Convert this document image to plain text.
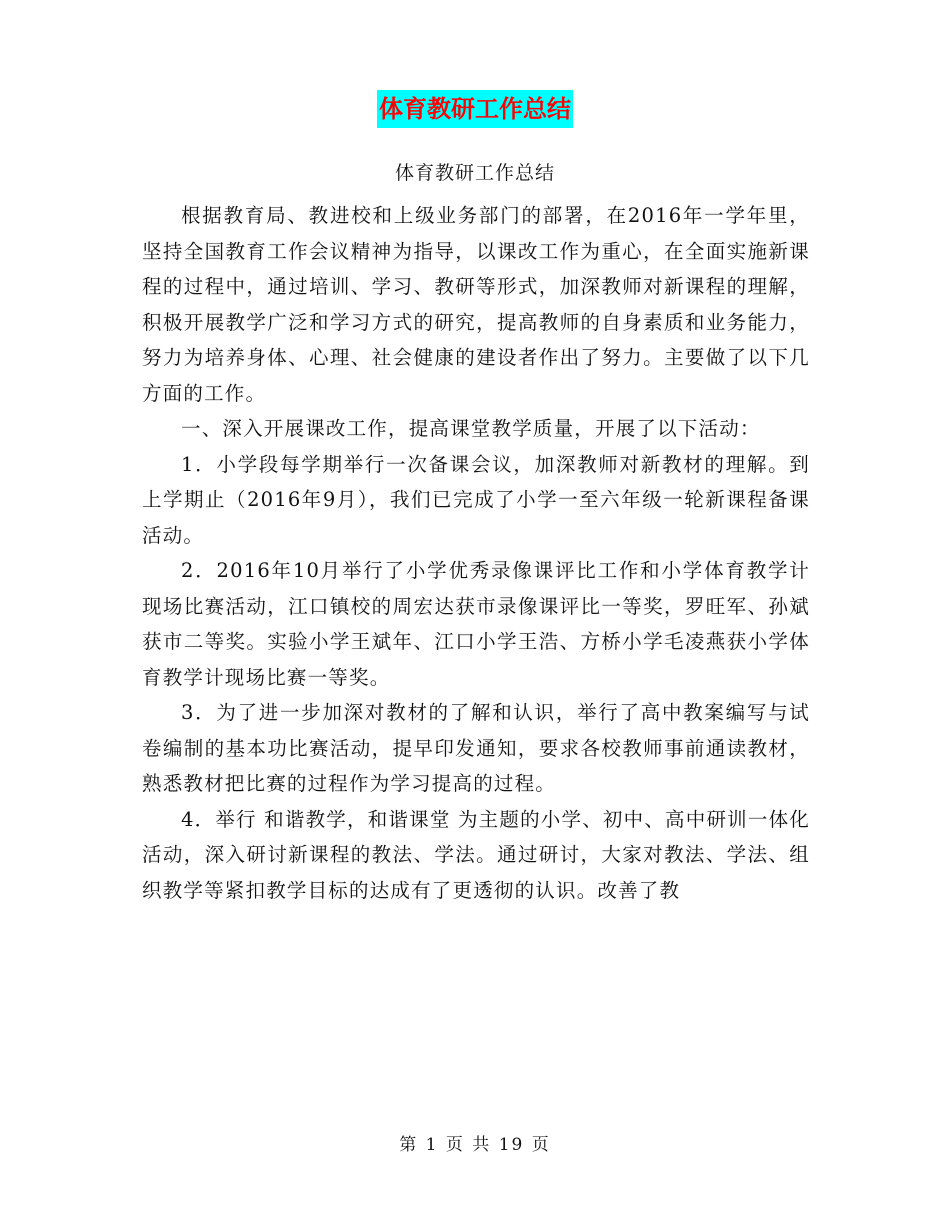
体育教研工作总结
体育教研工作总结

根据教育局、教进校和上级业务部门的部署，在2016年一学年里，坚持全国教育工作会议精神为指导，以课改工作为重心，在全面实施新课程的过程中，通过培训、学习、教研等形式，加深教师对新课程的理解，积极开展教学广泛和学习方式的研究，提高教师的自身素质和业务能力，努力为培养身体、心理、社会健康的建设者作出了努力。主要做了以下几方面的工作。

一、深入开展课改工作，提高课堂教学质量，开展了以下活动：

1．小学段每学期举行一次备课会议，加深教师对新教材的理解。到上学期止（2016年9月），我们已完成了小学一至六年级一轮新课程备课活动。

2．2016年10月举行了小学优秀录像课评比工作和小学体育教学计现场比赛活动，江口镇校的周宏达获市录像课评比一等奖，罗旺军、孙斌获市二等奖。实验小学王斌年、江口小学王浩、方桥小学毛凌燕获小学体育教学计现场比赛一等奖。

3．为了进一步加深对教材的了解和认识，举行了高中教案编写与试卷编制的基本功比赛活动，提早印发通知，要求各校教师事前通读教材，熟悉教材把比赛的过程作为学习提高的过程。

4．举行 和谐教学，和谐课堂 为主题的小学、初中、高中研训一体化活动，深入研讨新课程的教法、学法。通过研讨，大家对教法、学法、组织教学等紧扣教学目标的达成有了更透彻的认识。改善了教

第 1 页 共 19 页
